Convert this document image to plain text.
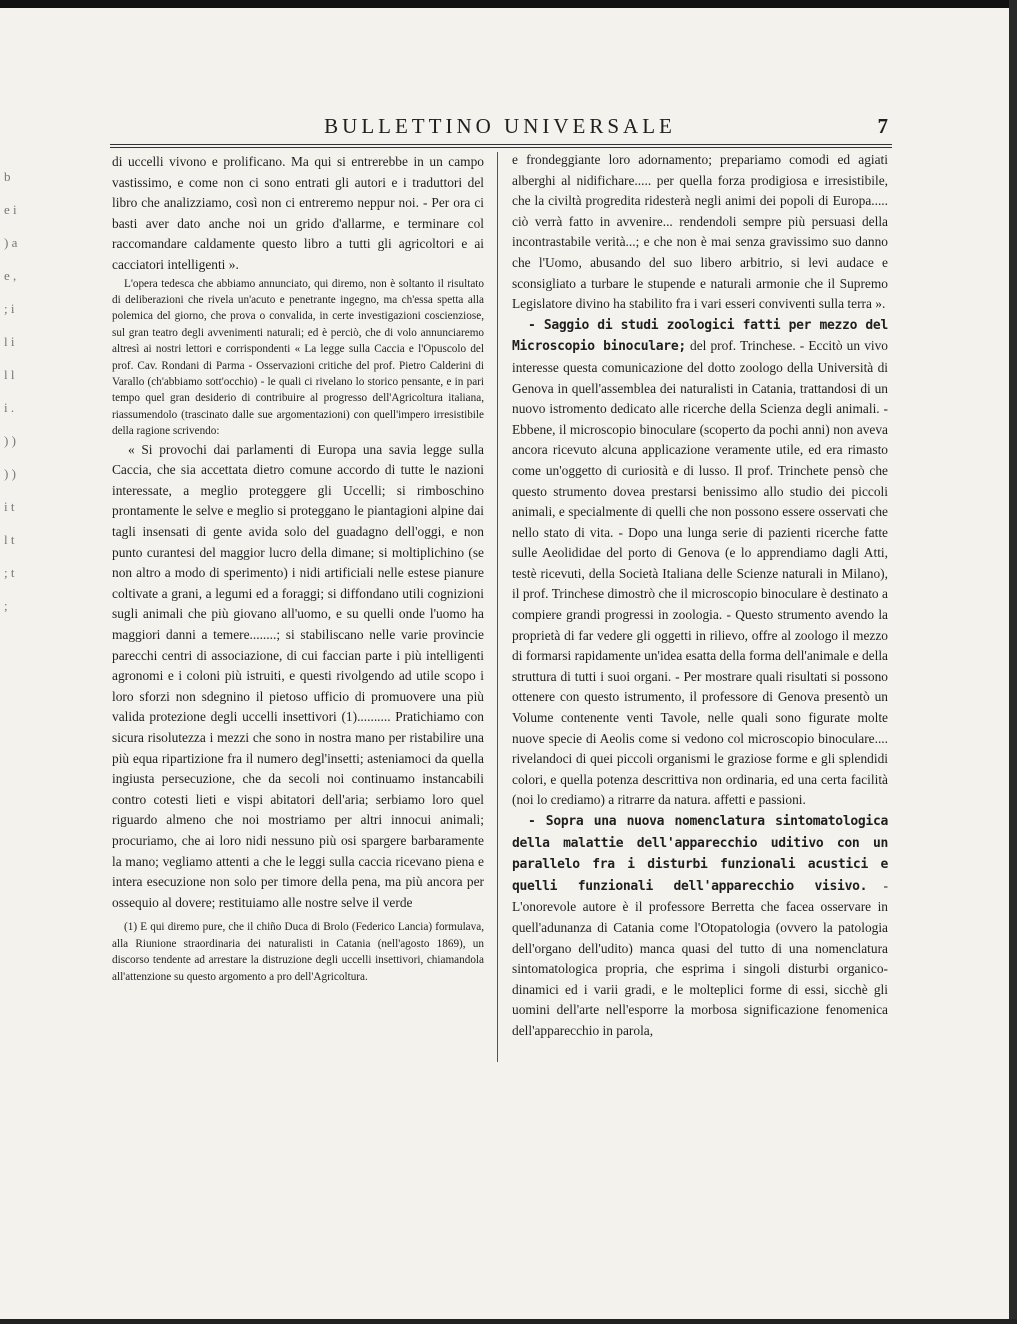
b e i ) a e , ; i l i l l i . ) ) ) ) i t l t ; t ;
BULLETTINO UNIVERSALE	7

di uccelli vivono e prolificano. Ma qui si entrerebbe in un campo vastissimo, e come non ci sono entrati gli autori e i traduttori del libro che analizziamo, così non ci entreremo neppur noi. - Per ora ci basti aver dato anche noi un grido d'allarme, e terminare col raccomandare caldamente questo libro a tutti gli agricoltori e ai cacciatori intelligenti ».

L'opera tedesca che abbiamo annunciato, qui diremo, non è soltanto il risultato di deliberazioni che rivela un'acuto e penetrante ingegno, ma ch'essa spetta alla polemica del giorno, che prova o convalida, in certe investigazioni coscienziose, sul gran teatro degli avvenimenti naturali; ed è perciò, che di volo annunciaremo altresì ai nostri lettori e corrispondenti « La legge sulla Caccia e l'Opuscolo del prof. Cav. Rondani di Parma - Osservazioni critiche del prof. Pietro Calderini di Varallo (ch'abbiamo sott'occhio) - le quali ci rivelano lo storico pensante, e in pari tempo quel gran desiderio di contribuire al progresso dell'Agricoltura italiana, riassumendolo (trascinato dalle sue argomentazioni) con quell'impero irresistibile della ragione scrivendo:

« Si provochi dai parlamenti di Europa una savia legge sulla Caccia, che sia accettata dietro comune accordo di tutte le nazioni interessate, a meglio proteggere gli Uccelli; si rimboschino prontamente le selve e meglio si proteggano le piantagioni alpine dai tagli insensati di gente avida solo del guadagno dell'oggi, e non punto curantesi del maggior lucro della dimane; si moltiplichino (se non altro a modo di sperimento) i nidi artificiali nelle estese pianure coltivate a grani, a legumi ed a foraggi; si diffondano utili cognizioni sugli animali che più giovano all'uomo, e su quelli onde l'uomo ha maggiori danni a temere........; si stabiliscano nelle varie provincie parecchi centri di associazione, di cui faccian parte i più intelligenti agronomi e i coloni più istruiti, e questi rivolgendo ad utile scopo i loro sforzi non sdegnino il pietoso ufficio di promuovere una più valida protezione degli uccelli insettivori (1).......... Pratichiamo con sicura risolutezza i mezzi che sono in nostra mano per ristabilire una più equa ripartizione fra il numero degl'insetti; asteniamoci da quella ingiusta persecuzione, che da secoli noi continuamo instancabili contro cotesti lieti e vispi abitatori dell'aria; serbiamo loro quel riguardo almeno che noi mostriamo per altri innocui animali; procuriamo, che ai loro nidi nessuno più osi spargere barbaramente la mano; vegliamo attenti a che le leggi sulla caccia ricevano piena e intera esecuzione non solo per timore della pena, ma più ancora per ossequio al dovere; restituiamo alle nostre selve il verde

(1) E qui diremo pure, che il chiño Duca di Brolo (Federico Lancia) formulava, alla Riunione straordinaria dei naturalisti in Catania (nell'agosto 1869), un discorso tendente ad arrestare la distruzione degli uccelli insettivori, chiamandola all'attenzione su questo argomento a pro dell'Agricoltura.

e frondeggiante loro adornamento; prepariamo comodi ed agiati alberghi al nidifichare..... per quella forza prodigiosa e irresistibile, che la civiltà progredita ridesterà negli animi dei popoli di Europa..... ciò verrà fatto in avvenire... rendendoli sempre più persuasi della incontrastabile verità...; e che non è mai senza gravissimo suo danno che l'Uomo, abusando del suo libero arbitrio, si levi audace e sconsigliato a turbare le stupende e naturali armonie che il Supremo Legislatore divino ha stabilito fra i vari esseri conviventi sulla terra ».

- Saggio di studi zoologici fatti per mezzo del Microscopio binoculare; del prof. Trinchese. - Eccitò un vivo interesse questa comunicazione del dotto zoologo della Università di Genova in quell'assemblea dei naturalisti in Catania, trattandosi di un nuovo istromento dedicato alle ricerche della Scienza degli animali. - Ebbene, il microscopio binoculare (scoperto da pochi anni) non aveva ancora ricevuto alcuna applicazione veramente utile, ed era rimasto come un'oggetto di curiosità e di lusso. Il prof. Trinchete pensò che questo strumento dovea prestarsi benissimo allo studio dei piccoli animali, e specialmente di quelli che non possono essere osservati che nello stato di vita. - Dopo una lunga serie di pazienti ricerche fatte sulle Aeolididae del porto di Genova (e lo apprendiamo dagli Atti, testè ricevuti, della Società Italiana delle Scienze naturali in Milano), il prof. Trinchese dimostrò che il microscopio binoculare è destinato a compiere grandi progressi in zoologia. - Questo strumento avendo la proprietà di far vedere gli oggetti in rilievo, offre al zoologo il mezzo di formarsi rapidamente un'idea esatta della forma dell'animale e della struttura di tutti i suoi organi. - Per mostrare quali risultati si possono ottenere con questo istrumento, il professore di Genova presentò un Volume contenente venti Tavole, nelle quali sono figurate molte nuove specie di Aeolis come si vedono col microscopio binoculare.... rivelandoci di quei piccoli organismi le graziose forme e gli splendidi colori, e quella potenza descrittiva non ordinaria, ed una certa facilità (noi lo crediamo) a ritrarre da natura. affetti e passioni.

- Sopra una nuova nomenclatura sintomatologica della malattie dell'apparecchio uditivo con un parallelo fra i disturbi funzionali acustici e quelli funzionali dell'apparecchio visivo. - L'onorevole autore è il professore Berretta che facea osservare in quell'adunanza di Catania come l'Otopatologia (ovvero la patologia dell'organo dell'udito) manca quasi del tutto di una nomenclatura sintomatologica propria, che esprima i singoli disturbi organico-dinamici ed i varii gradi, e le molteplici forme di essi, sicchè gli uomini dell'arte nell'esporre la morbosa significazione fenomenica dell'apparecchio in parola,
